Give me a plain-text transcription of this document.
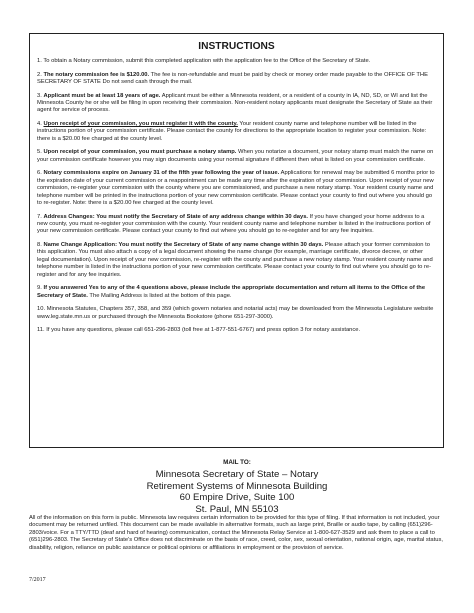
INSTRUCTIONS
1. To obtain a Notary commission, submit this completed application with the application fee to the Office of the Secretary of State.
2. The notary commission fee is $120.00. The fee is non-refundable and must be paid by check or money order made payable to the OFFICE OF THE SECRETARY OF STATE Do not send cash through the mail.
3. Applicant must be at least 18 years of age. Applicant must be either a Minnesota resident, or a resident of a county in IA, ND, SD, or WI and list the Minnesota County he or she will be filing in upon receiving their commission. Non-resident notary applicants must designate the Secretary of State as their agent for service of process.
4. Upon receipt of your commission, you must register it with the county. Your resident county name and telephone number will be listed in the instructions portion of your commission certificate. Please contact the county for directions to the appropriate location to register your commission. Note: there is a $20.00 fee charged at the county level.
5. Upon receipt of your commission, you must purchase a notary stamp. When you notarize a document, your notary stamp must match the name on your commission certificate however you may sign documents using your normal signature if different then what is listed on your commission certificate.
6. Notary commissions expire on January 31 of the fifth year following the year of issue. Applications for renewal may be submitted 6 months prior to the expiration date of your current commission or a reappointment can be made any time after the expiration of your commission. Upon receipt of your new commission, re-register your commission with the county where you are commissioned, and purchase a new notary stamp. Your resident county name and telephone number will be printed in the instructions portion of your new commission certificate. Please contact your county to find out where you should go to re-register. Note: there is a $20.00 fee charged at the county level.
7. Address Changes: You must notify the Secretary of State of any address change within 30 days. If you have changed your home address to a new county, you must re-register your commission with the county. Your resident county name and telephone number is listed in the instructions portion of your new commission certificate. Please contact your county to find out where you should go to re-register and for any fee inquiries.
8. Name Change Application: You must notify the Secretary of State of any name change within 30 days. Please attach your former commission to this application. You must also attach a copy of a legal document showing the name change (for example, marriage certificate, divorce decree, or other legal documentation). Upon receipt of your new commission, re-register with the county and purchase a new notary stamp. Your resident county name and telephone number is listed in the instructions portion of your new commission certificate. Please contact your county to find out where you should go to re-register and for any fee inquiries.
9. If you answered Yes to any of the 4 questions above, please include the appropriate documentation and return all items to the Office of the Secretary of State. The Mailing Address is listed at the bottom of this page.
10. Minnesota Statutes, Chapters 357, 358, and 359 (which govern notaries and notarial acts) may be downloaded from the Minnesota Legislature website www.leg.state.mn.us or purchased through the Minnesota Bookstore (phone 651-297-3000).
11. If you have any questions, please call 651-296-2803 (toll free at 1-877-551-6767) and press option 3 for notary assistance.
MAIL TO:
Minnesota Secretary of State – Notary
Retirement Systems of Minnesota Building
60 Empire Drive, Suite 100
St. Paul, MN 55103
All of the information on this form is public. Minnesota law requires certain information to be provided for this type of filing. If that information is not included, your document may be returned unfiled. This document can be made available in alternative formats, such as large print, Braille or audio tape, by calling (651)296-2803/voice. For a TTY/TTD (deaf and hard of hearing) communication, contact the Minnesota Relay Service at 1-800-627-3529 and ask them to place a call to (651)296-2803. The Secretary of State's Office does not discriminate on the basis of race, creed, color, sex, sexual orientation, national origin, age, marital status, disability, religion, reliance on public assistance or political opinions or affiliations in employment or the provision of service.
7/2017
